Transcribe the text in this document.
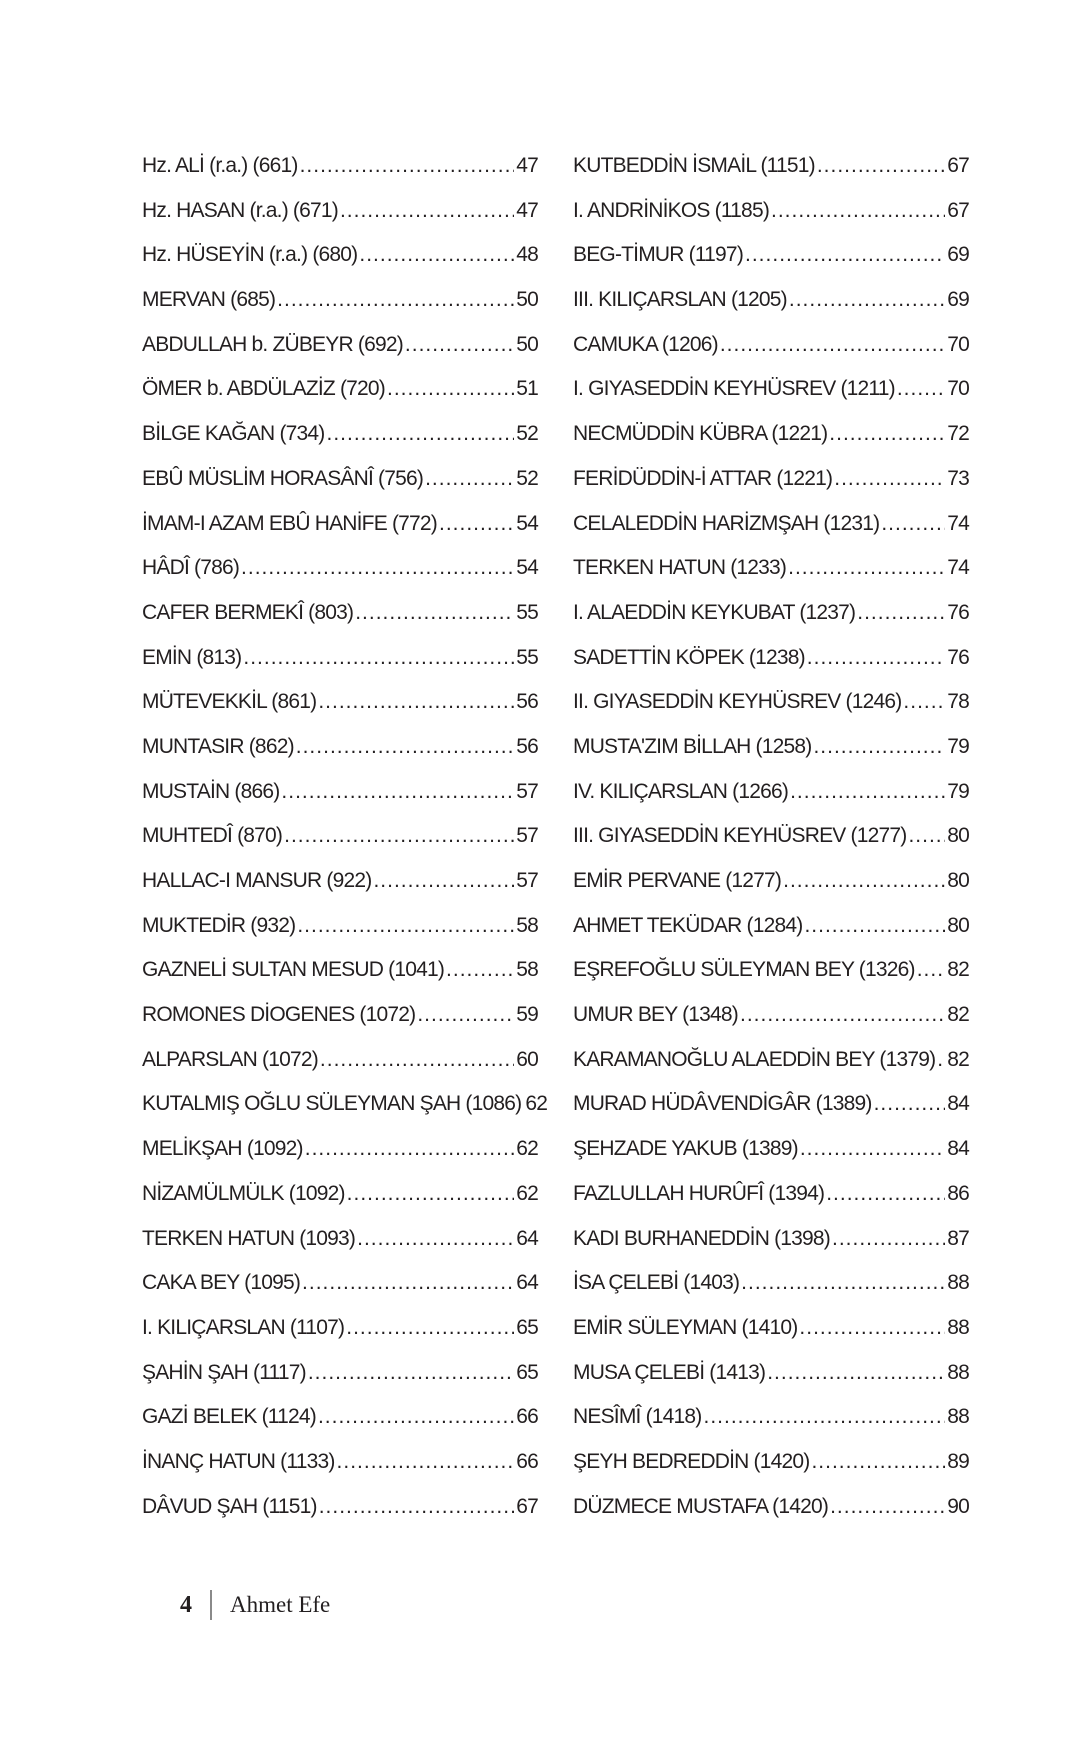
Hz. ALİ (r.a.) (661) .....	47
Hz. HASAN (r.a.) (671) .....	47
Hz. HÜSEYİN (r.a.) (680) .....	48
MERVAN (685) .....	50
ABDULLAH b. ZÜBEYR (692) .....	50
ÖMER b. ABDÜLAZİZ (720) .....	51
BİLGE KAĞAN (734) .....	52
EBÛ MÜSLİM HORASÂNÎ (756) .....	52
İMAM-I AZAM EBÛ HANİFE (772) .....	54
HÂDÎ (786) .....	54
CAFER BERMEKÎ (803) .....	55
EMİN (813) .....	55
MÜTEVEKKİL (861) .....	56
MUNTASIR (862) .....	56
MUSTAİN (866) .....	57
MUHTEDÎ (870) .....	57
HALLAC-I MANSUR (922) .....	57
MUKTEDİR (932) .....	58
GAZNELİ SULTAN MESUD (1041) .....	58
ROMONES DİOGENES (1072) .....	59
ALPARSLAN (1072) .....	60
KUTALMIŞ OĞLU SÜLEYMAN ŞAH (1086) 62
MELİKŞAH (1092) .....	62
NİZAMÜLMÜLK (1092) .....	62
TERKEN HATUN (1093) .....	64
CAKA BEY (1095) .....	64
I. KILIÇARSLAN (1107) .....	65
ŞAHİN ŞAH (1117) .....	65
GAZİ BELEK (1124) .....	66
İNANÇ HATUN (1133) .....	66
DÂVUD ŞAH (1151) .....	67
KUTBEDDİN İSMAİL (1151) .....	67
I. ANDRİNİKOS (1185) .....	67
BEG-TİMUR (1197) .....	69
III. KILIÇARSLAN (1205) .....	69
CAMUKA (1206) .....	70
I. GIYASEDDİN KEYHÜSREV (1211) ..... 70
NECMÜDDİN KÜBRA (1221) .....	72
FERİDÜDDİN-İ ATTAR (1221) .....	73
CELALEDDİN HARİZMŞAH (1231) .....	74
TERKEN HATUN (1233) .....	74
I. ALAEDDİN KEYKUBAT (1237) .....	76
SADETTİN KÖPEK (1238) .....	76
II. GIYASEDDİN KEYHÜSREV (1246) ..... 78
MUSTA'ZIM BİLLAH (1258) .....	79
IV. KILIÇARSLAN (1266) .....	79
III. GIYASEDDİN KEYHÜSREV (1277) ..... 80
EMİR PERVANE (1277) .....	80
AHMET TEKÜDAR (1284) .....	80
EŞREFOĞLU SÜLEYMAN BEY (1326) ..... 82
UMUR BEY (1348) .....	82
KARAMANOĞLU ALAEDDİN BEY (1379) ..... 82
MURAD HÜDÂVENDİGÂR (1389) .....	84
ŞEHZADE YAKUB (1389) .....	84
FAZLULLAH HURÛFÎ (1394) .....	86
KADI BURHANEDDİN (1398) .....	87
İSA ÇELEBİ (1403) .....	88
EMİR SÜLEYMAN (1410) .....	88
MUSA ÇELEBİ (1413) .....	88
NESÎMÎ (1418) .....	88
ŞEYH BEDREDDİN (1420) .....	89
DÜZMECE MUSTAFA (1420) .....	90
4 Ahmet Efe
